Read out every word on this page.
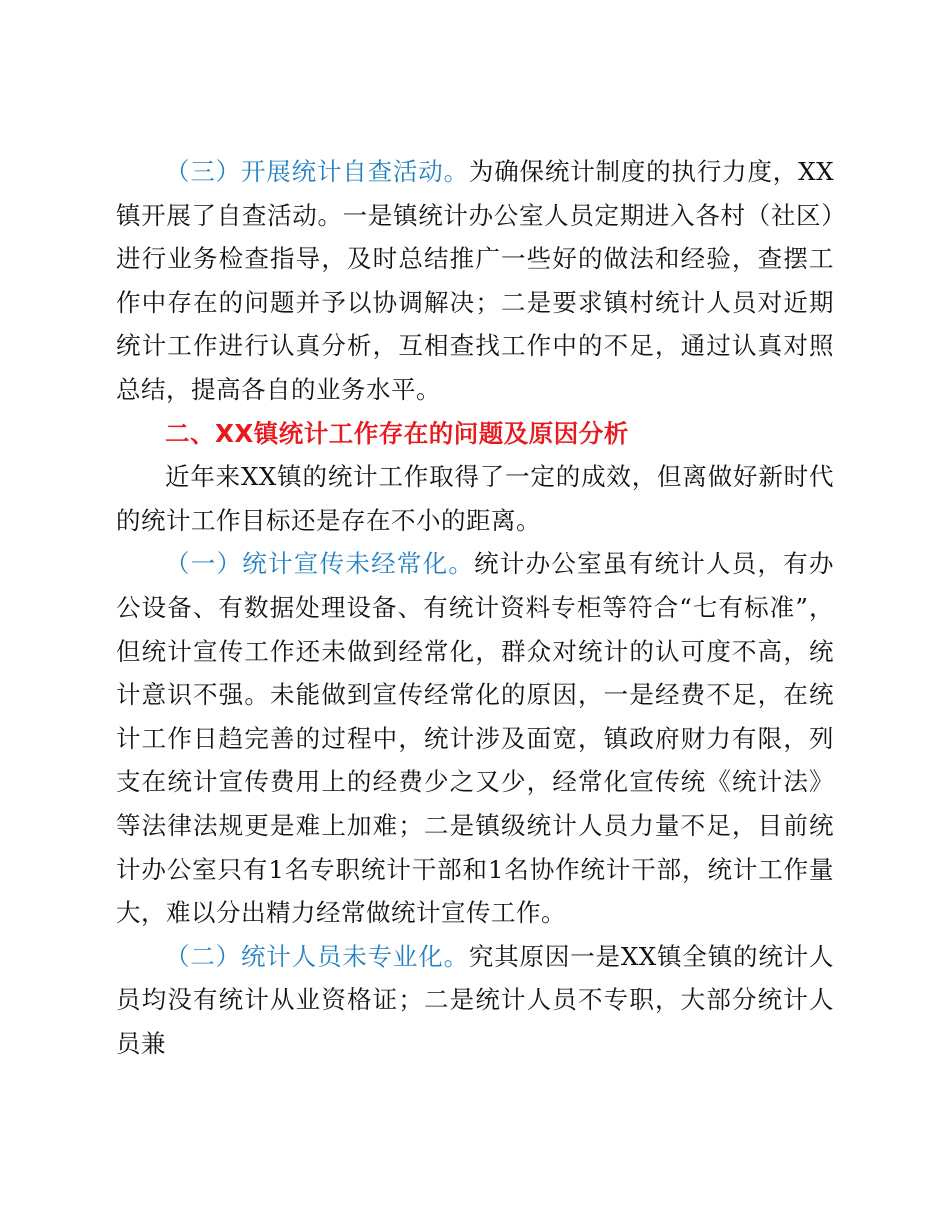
（三）开展统计自查活动。为确保统计制度的执行力度，XX镇开展了自查活动。一是镇统计办公室人员定期进入各村（社区）进行业务检查指导，及时总结推广一些好的做法和经验，查摆工作中存在的问题并予以协调解决；二是要求镇村统计人员对近期统计工作进行认真分析，互相查找工作中的不足，通过认真对照总结，提高各自的业务水平。

二、XX镇统计工作存在的问题及原因分析

近年来XX镇的统计工作取得了一定的成效，但离做好新时代的统计工作目标还是存在不小的距离。

（一）统计宣传未经常化。统计办公室虽有统计人员，有办公设备、有数据处理设备、有统计资料专柜等符合“七有标准”，但统计宣传工作还未做到经常化，群众对统计的认可度不高，统计意识不强。未能做到宣传经常化的原因，一是经费不足，在统计工作日趋完善的过程中，统计涉及面宽，镇政府财力有限，列支在统计宣传费用上的经费少之又少，经常化宣传统《统计法》等法律法规更是难上加难；二是镇级统计人员力量不足，目前统计办公室只有1名专职统计干部和1名协作统计干部，统计工作量大，难以分出精力经常做统计宣传工作。

（二）统计人员未专业化。究其原因一是XX镇全镇的统计人员均没有统计从业资格证；二是统计人员不专职，大部分统计人员兼
